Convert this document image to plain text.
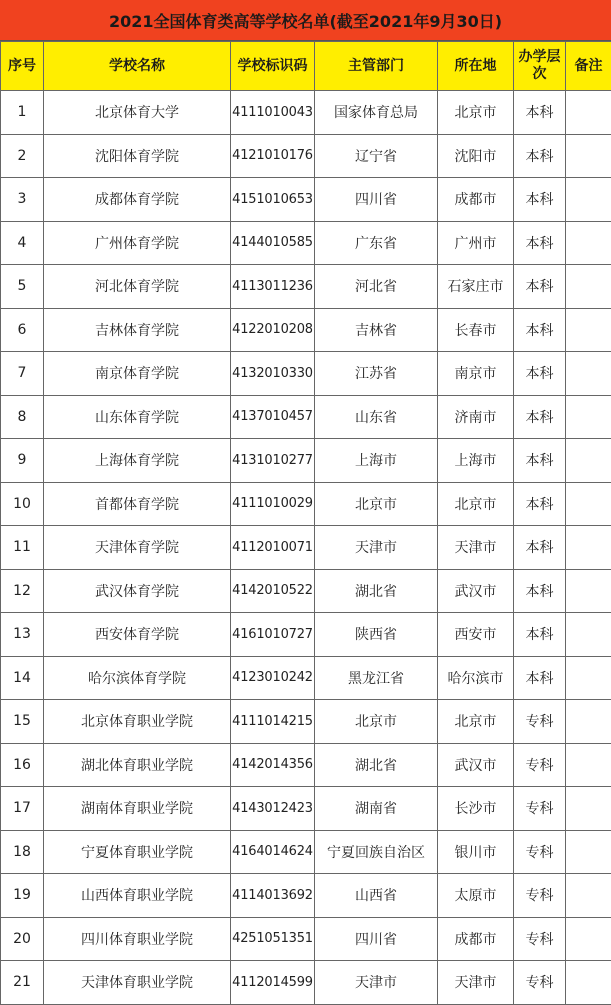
2021全国体育类高等学校名单(截至2021年9月30日)
序号	学校名称	学校标识码	主管部门	所在地	办学层次	备注
1	北京体育大学	4111010043	国家体育总局	北京市	本科	
2	沈阳体育学院	4121010176	辽宁省	沈阳市	本科	
3	成都体育学院	4151010653	四川省	成都市	本科	
4	广州体育学院	4144010585	广东省	广州市	本科	
5	河北体育学院	4113011236	河北省	石家庄市	本科	
6	吉林体育学院	4122010208	吉林省	长春市	本科	
7	南京体育学院	4132010330	江苏省	南京市	本科	
8	山东体育学院	4137010457	山东省	济南市	本科	
9	上海体育学院	4131010277	上海市	上海市	本科	
10	首都体育学院	4111010029	北京市	北京市	本科	
11	天津体育学院	4112010071	天津市	天津市	本科	
12	武汉体育学院	4142010522	湖北省	武汉市	本科	
13	西安体育学院	4161010727	陕西省	西安市	本科	
14	哈尔滨体育学院	4123010242	黑龙江省	哈尔滨市	本科	
15	北京体育职业学院	4111014215	北京市	北京市	专科	
16	湖北体育职业学院	4142014356	湖北省	武汉市	专科	
17	湖南体育职业学院	4143012423	湖南省	长沙市	专科	
18	宁夏体育职业学院	4164014624	宁夏回族自治区	银川市	专科	
19	山西体育职业学院	4114013692	山西省	太原市	专科	
20	四川体育职业学院	4251051351	四川省	成都市	专科	
21	天津体育职业学院	4112014599	天津市	天津市	专科	
